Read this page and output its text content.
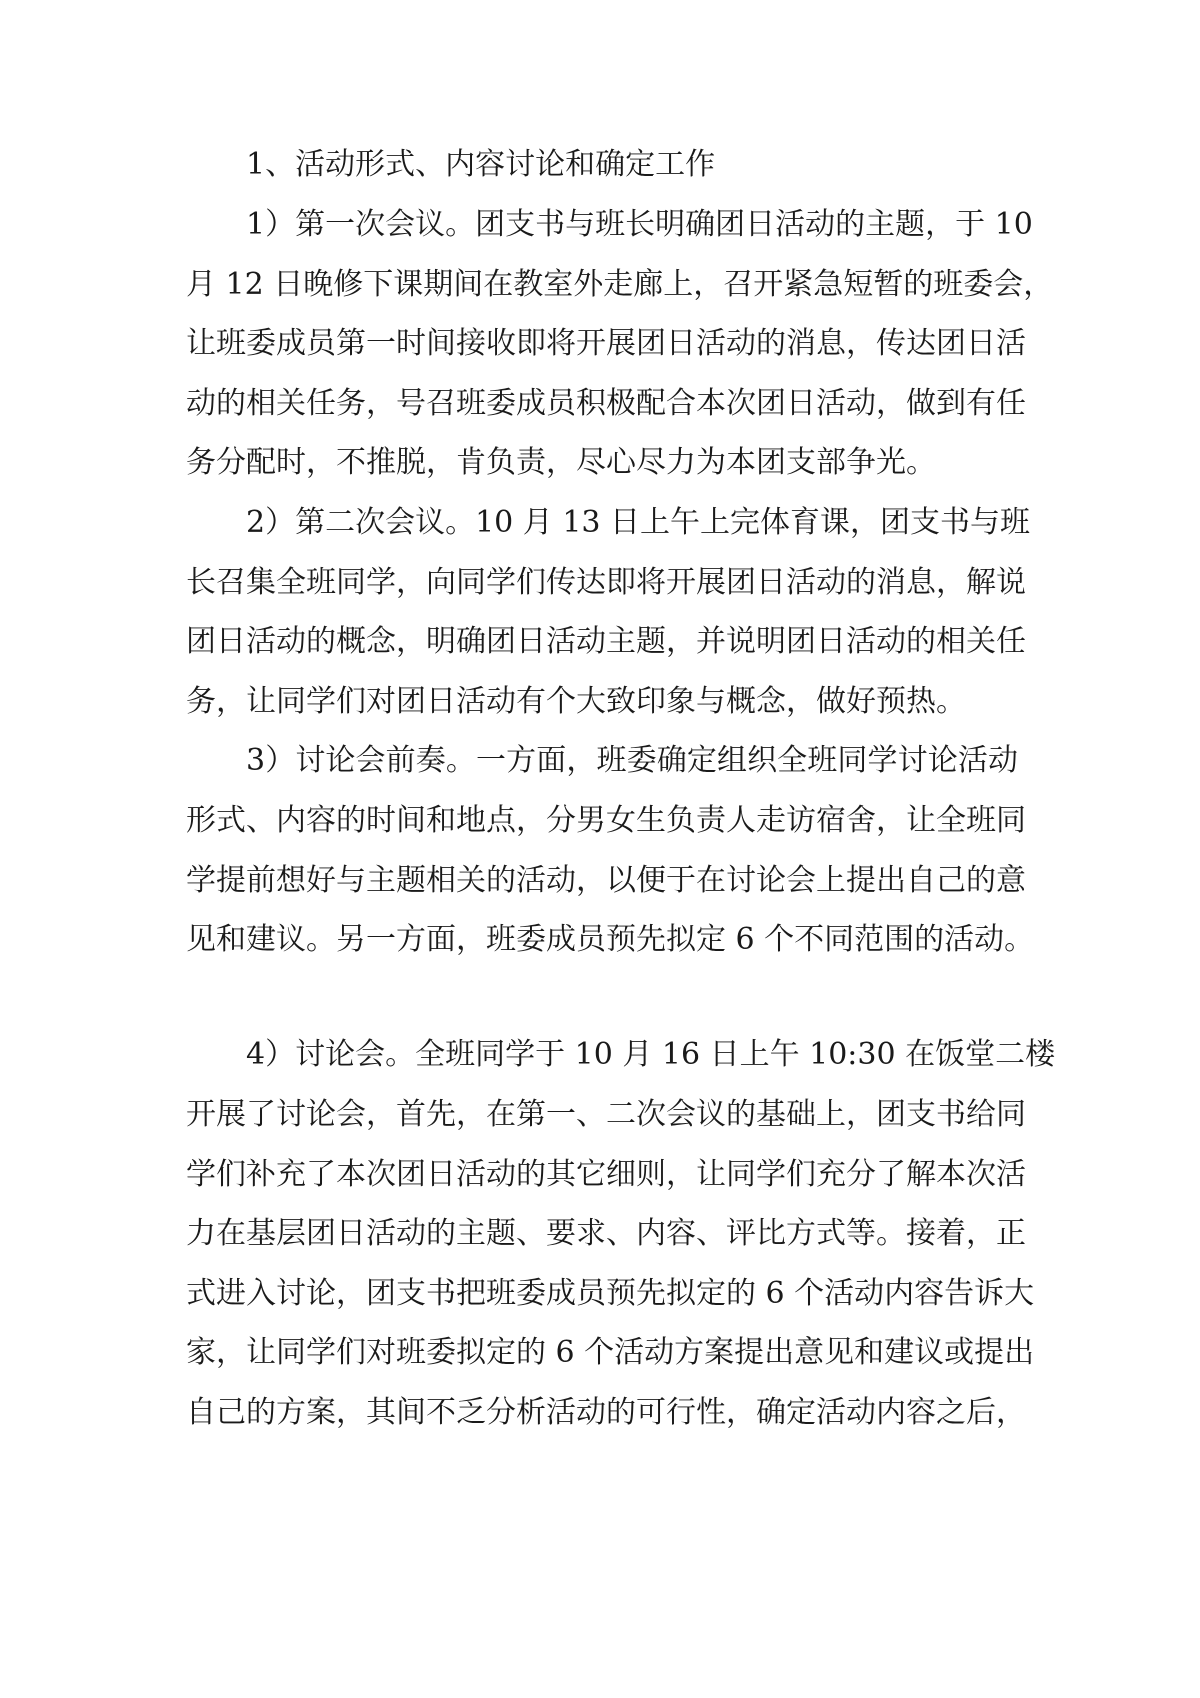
1、活动形式、内容讨论和确定工作

1）第一次会议。团支书与班长明确团日活动的主题，于 10

月 12 日晚修下课期间在教室外走廊上，召开紧急短暂的班委会，

让班委成员第一时间接收即将开展团日活动的消息，传达团日活

动的相关任务，号召班委成员积极配合本次团日活动，做到有任

务分配时，不推脱，肯负责，尽心尽力为本团支部争光。

2）第二次会议。10 月 13 日上午上完体育课，团支书与班

长召集全班同学，向同学们传达即将开展团日活动的消息，解说

团日活动的概念，明确团日活动主题，并说明团日活动的相关任

务，让同学们对团日活动有个大致印象与概念，做好预热。

3）讨论会前奏。一方面，班委确定组织全班同学讨论活动

形式、内容的时间和地点，分男女生负责人走访宿舍，让全班同

学提前想好与主题相关的活动，以便于在讨论会上提出自己的意

见和建议。另一方面，班委成员预先拟定 6 个不同范围的活动。

4）讨论会。全班同学于 10 月 16 日上午 10:30 在饭堂二楼

开展了讨论会，首先，在第一、二次会议的基础上，团支书给同

学们补充了本次团日活动的其它细则，让同学们充分了解本次活

力在基层团日活动的主题、要求、内容、评比方式等。接着，正

式进入讨论，团支书把班委成员预先拟定的 6 个活动内容告诉大

家，让同学们对班委拟定的 6 个活动方案提出意见和建议或提出

自己的方案，其间不乏分析活动的可行性，确定活动内容之后，
